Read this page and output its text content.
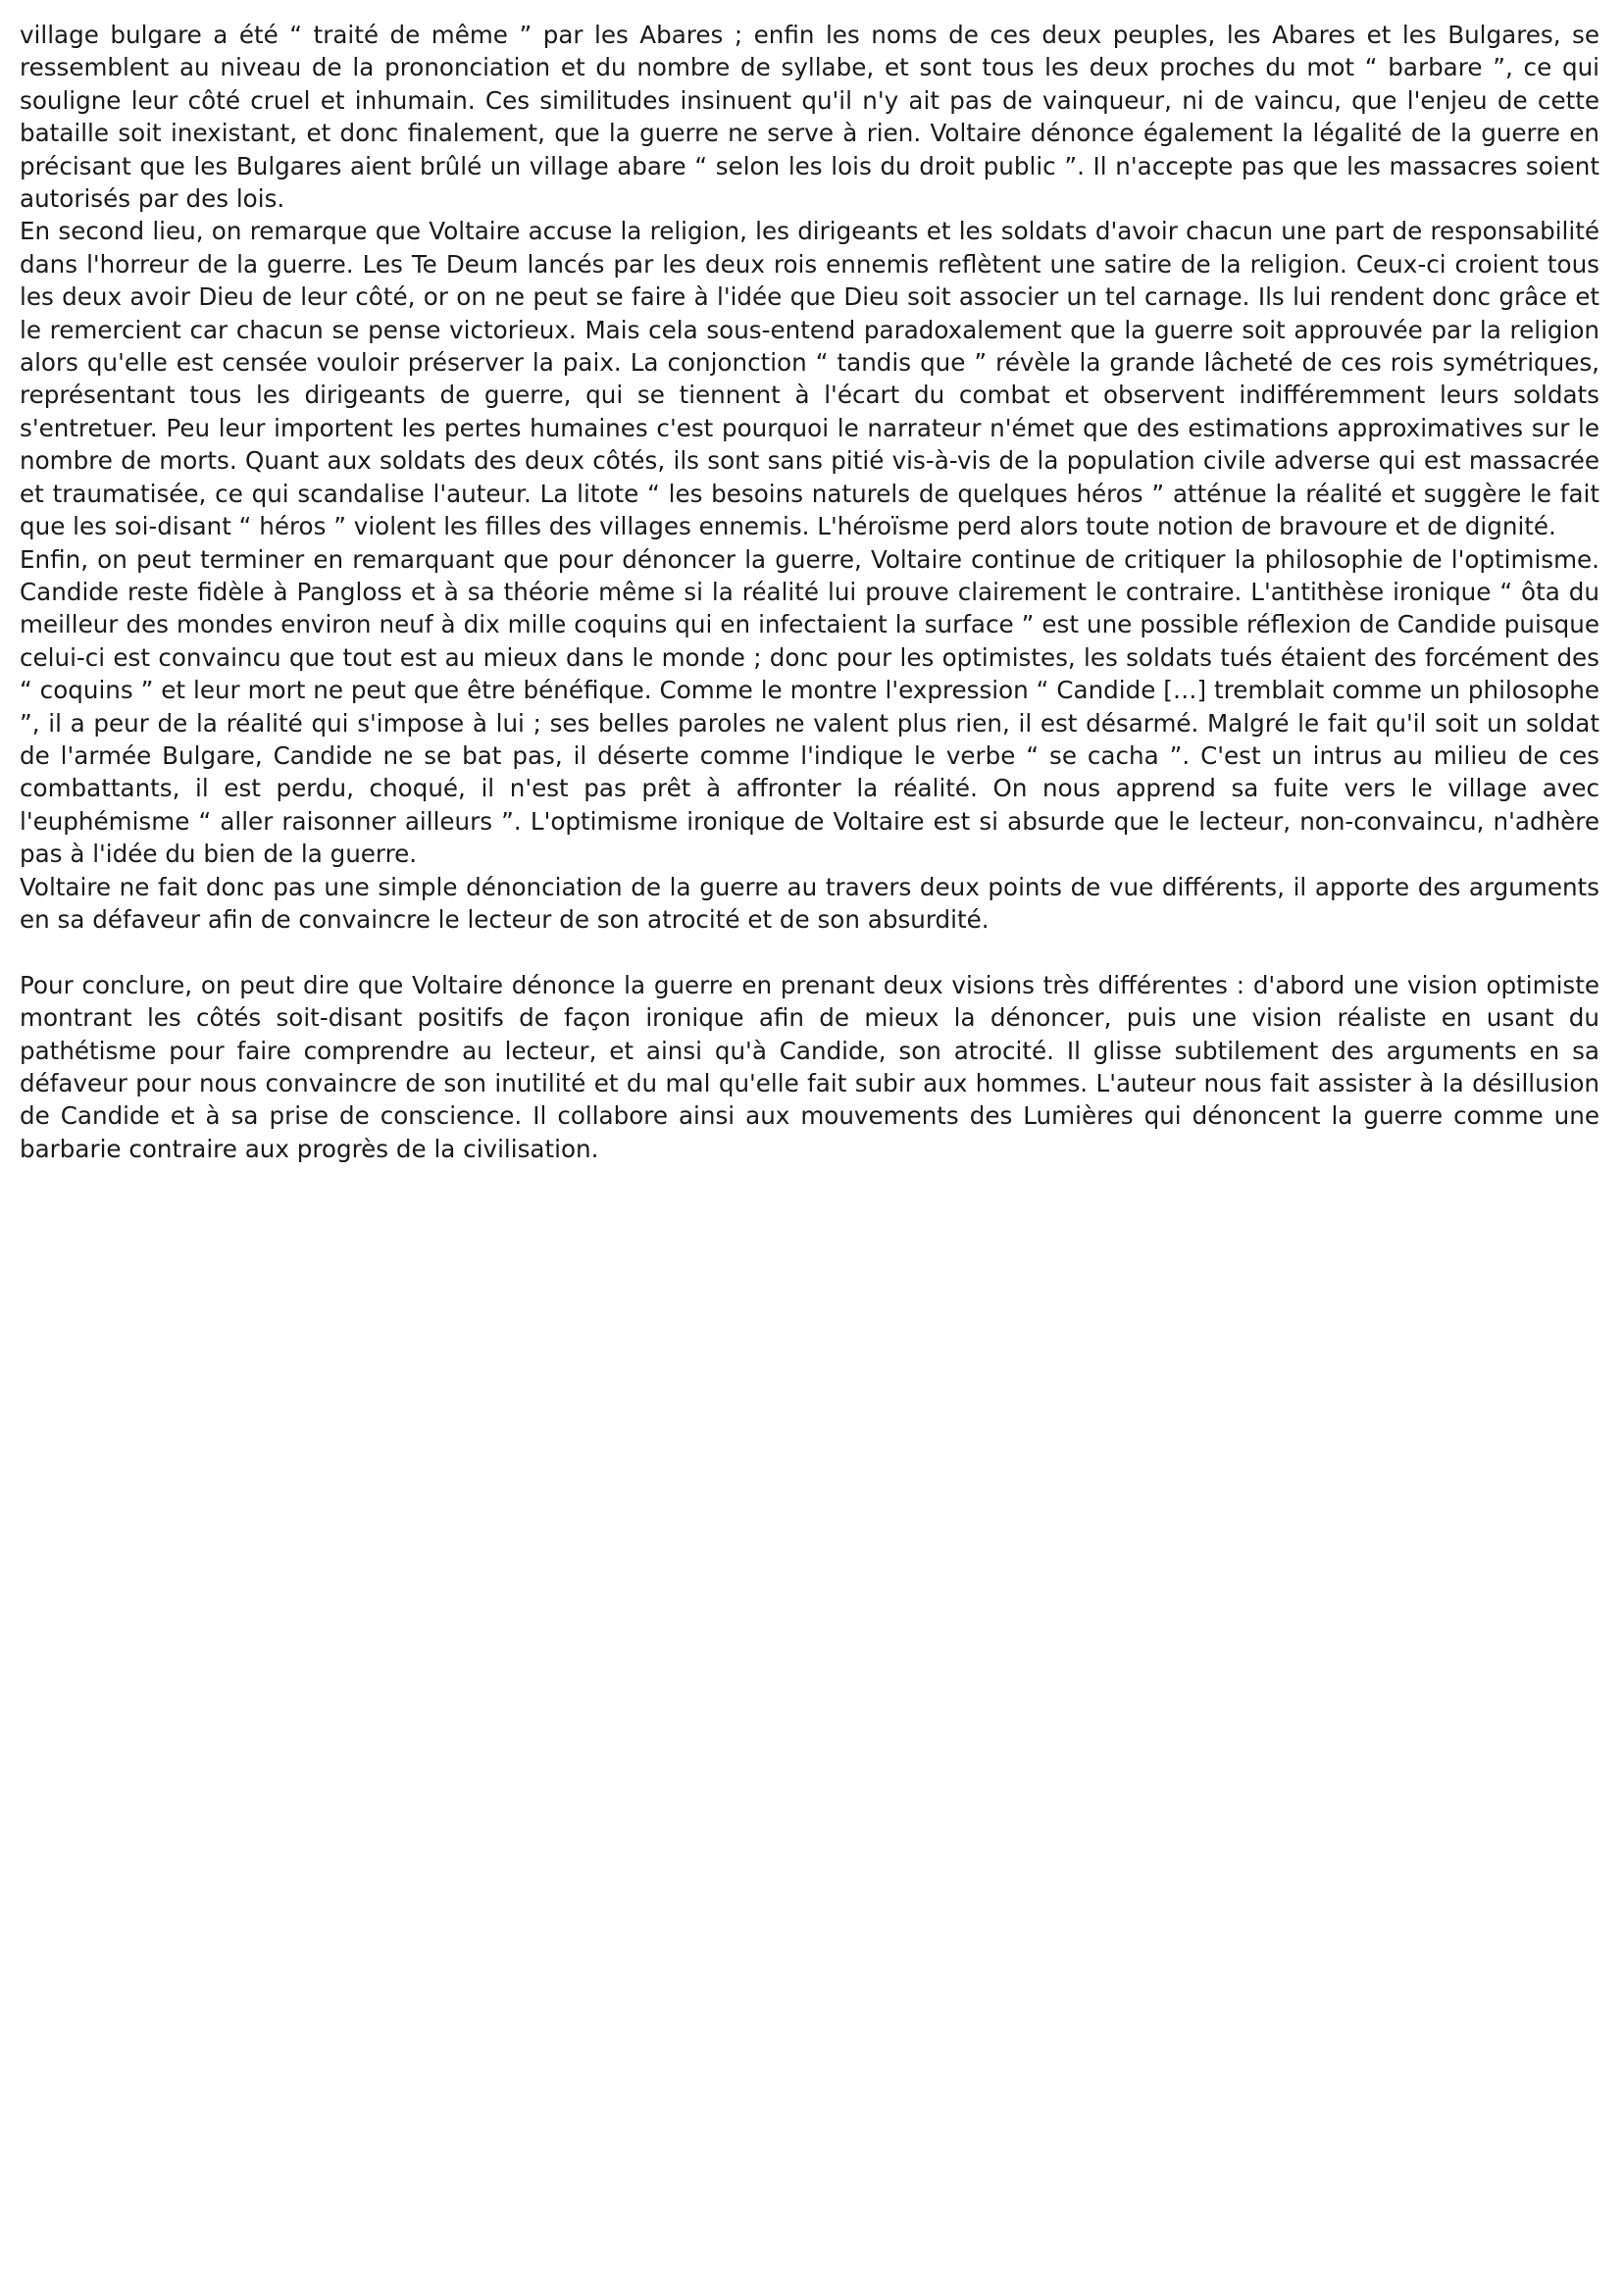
village bulgare a été “ traité de même ” par les Abares ; enfin les noms de ces deux peuples, les Abares et les Bulgares, se ressemblent au niveau de la prononciation et du nombre de syllabe, et sont tous les deux proches du mot “ barbare ”, ce qui souligne leur côté cruel et inhumain. Ces similitudes insinuent qu'il n'y ait pas de vainqueur, ni de vaincu, que l'enjeu de cette bataille soit inexistant, et donc finalement, que la guerre ne serve à rien. Voltaire dénonce également la légalité de la guerre en précisant que les Bulgares aient brûlé un village abare “ selon les lois du droit public ”. Il n'accepte pas que les massacres soient autorisés par des lois.

En second lieu, on remarque que Voltaire accuse la religion, les dirigeants et les soldats d'avoir chacun une part de responsabilité dans l'horreur de la guerre. Les Te Deum lancés par les deux rois ennemis reflètent une satire de la religion. Ceux-ci croient tous les deux avoir Dieu de leur côté, or on ne peut se faire à l'idée que Dieu soit associer un tel carnage. Ils lui rendent donc grâce et le remercient car chacun se pense victorieux. Mais cela sous-entend paradoxalement que la guerre soit approuvée par la religion alors qu'elle est censée vouloir préserver la paix. La conjonction “ tandis que ” révèle la grande lâcheté de ces rois symétriques, représentant tous les dirigeants de guerre, qui se tiennent à l'écart du combat et observent indifféremment leurs soldats s'entretuer. Peu leur importent les pertes humaines c'est pourquoi le narrateur n'émet que des estimations approximatives sur le nombre de morts. Quant aux soldats des deux côtés, ils sont sans pitié vis-à-vis de la population civile adverse qui est massacrée et traumatisée, ce qui scandalise l'auteur. La litote “ les besoins naturels de quelques héros ” atténue la réalité et suggère le fait que les soi-disant “ héros ” violent les filles des villages ennemis. L'héroïsme perd alors toute notion de bravoure et de dignité.

Enfin, on peut terminer en remarquant que pour dénoncer la guerre, Voltaire continue de critiquer la philosophie de l'optimisme. Candide reste fidèle à Pangloss et à sa théorie même si la réalité lui prouve clairement le contraire. L'antithèse ironique “ ôta du meilleur des mondes environ neuf à dix mille coquins qui en infectaient la surface ” est une possible réflexion de Candide puisque celui-ci est convaincu que tout est au mieux dans le monde ; donc pour les optimistes, les soldats tués étaient des forcément des “ coquins ” et leur mort ne peut que être bénéfique. Comme le montre l'expression “ Candide […] tremblait comme un philosophe ”, il a peur de la réalité qui s'impose à lui ; ses belles paroles ne valent plus rien, il est désarmé. Malgré le fait qu'il soit un soldat de l'armée Bulgare, Candide ne se bat pas, il déserte comme l'indique le verbe “ se cacha ”. C'est un intrus au milieu de ces combattants, il est perdu, choqué, il n'est pas prêt à affronter la réalité. On nous apprend sa fuite vers le village avec l'euphémisme “ aller raisonner ailleurs ”. L'optimisme ironique de Voltaire est si absurde que le lecteur, non-convaincu, n'adhère pas à l'idée du bien de la guerre.

Voltaire ne fait donc pas une simple dénonciation de la guerre au travers deux points de vue différents, il apporte des arguments en sa défaveur afin de convaincre le lecteur de son atrocité et de son absurdité.

Pour conclure, on peut dire que Voltaire dénonce la guerre en prenant deux visions très différentes : d'abord une vision optimiste montrant les côtés soit-disant positifs de façon ironique afin de mieux la dénoncer, puis une vision réaliste en usant du pathétisme pour faire comprendre au lecteur, et ainsi qu'à Candide, son atrocité. Il glisse subtilement des arguments en sa défaveur pour nous convaincre de son inutilité et du mal qu'elle fait subir aux hommes. L'auteur nous fait assister à la désillusion de Candide et à sa prise de conscience. Il collabore ainsi aux mouvements des Lumières qui dénoncent la guerre comme une barbarie contraire aux progrès de la civilisation.
